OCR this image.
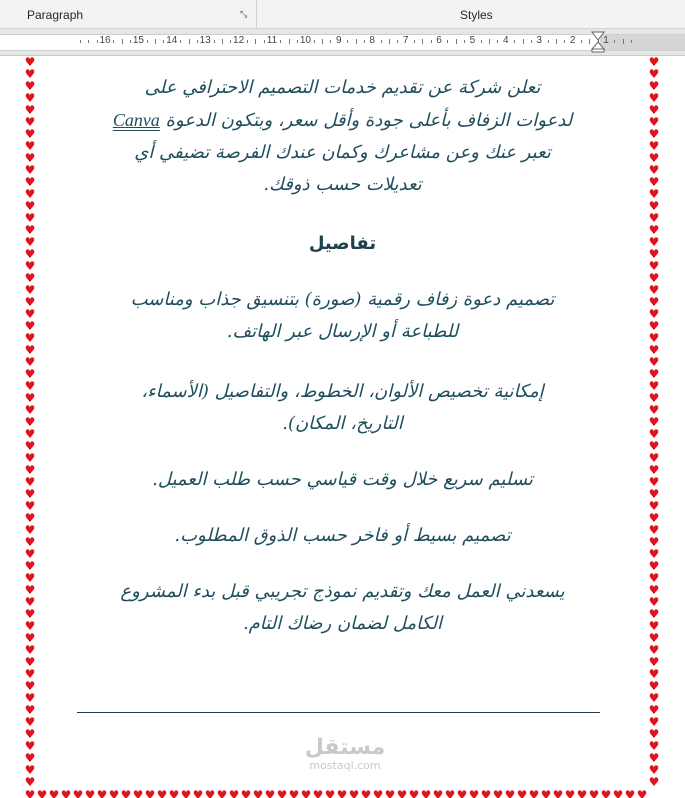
Paragraph	⤡	Styles
16 15 14 13 12 11 10	9	8	7	6	5	4	3	2	1
♥
♥
♥
♥
♥
♥
♥
♥
♥
♥
♥
♥
♥
♥
♥
♥
♥
♥
♥
♥
♥
♥
♥
♥
♥
♥
♥
♥
♥
♥
♥
♥
♥
♥
♥
♥
♥
♥
♥
♥
♥
♥
♥
♥
♥
♥
♥
♥
♥
♥
♥
♥
♥
♥
♥
♥
♥
♥
♥
♥
♥
♥
♥
♥
♥
♥
♥
♥
♥
♥
♥
♥
♥
♥
♥
♥
♥
♥
♥
♥
♥
♥
♥
♥
♥
♥
♥
♥
♥
♥
♥
♥
♥
♥
♥
♥
♥
♥
♥
♥
♥
♥
♥
♥
♥
♥
♥
♥
♥
♥
♥
♥
♥
♥
♥
♥
♥
♥
♥
♥
♥
♥
♥♥♥♥♥♥♥♥♥♥♥♥♥♥♥♥♥♥♥♥♥♥♥♥♥♥♥♥♥♥♥♥♥♥♥♥♥♥♥♥♥♥♥♥♥♥♥♥♥♥♥♥

تعلن شركة عن تقديم خدمات التصميم الاحترافي على

لدعوات الزفاف بأعلى جودة وأقل سعر، وبتكون الدعوة Canva

تعبر عنك وعن مشاعرك وكمان عندك الفرصة تضيفي أي

تعديلات حسب ذوقك.

تفاصيل

تصميم دعوة زفاف رقمية (صورة) بتنسيق جذاب ومناسب

للطباعة أو الإرسال عبر الهاتف.

إمكانية تخصيص الألوان، الخطوط، والتفاصيل (الأسماء،

التاريخ، المكان).

تسليم سريع خلال وقت قياسي حسب طلب العميل.

تصميم بسيط أو فاخر حسب الذوق المطلوب.

يسعدني العمل معك وتقديم نموذج تجريبي قبل بدء المشروع

الكامل لضمان رضاك التام.

مستقل
mostaql.com
